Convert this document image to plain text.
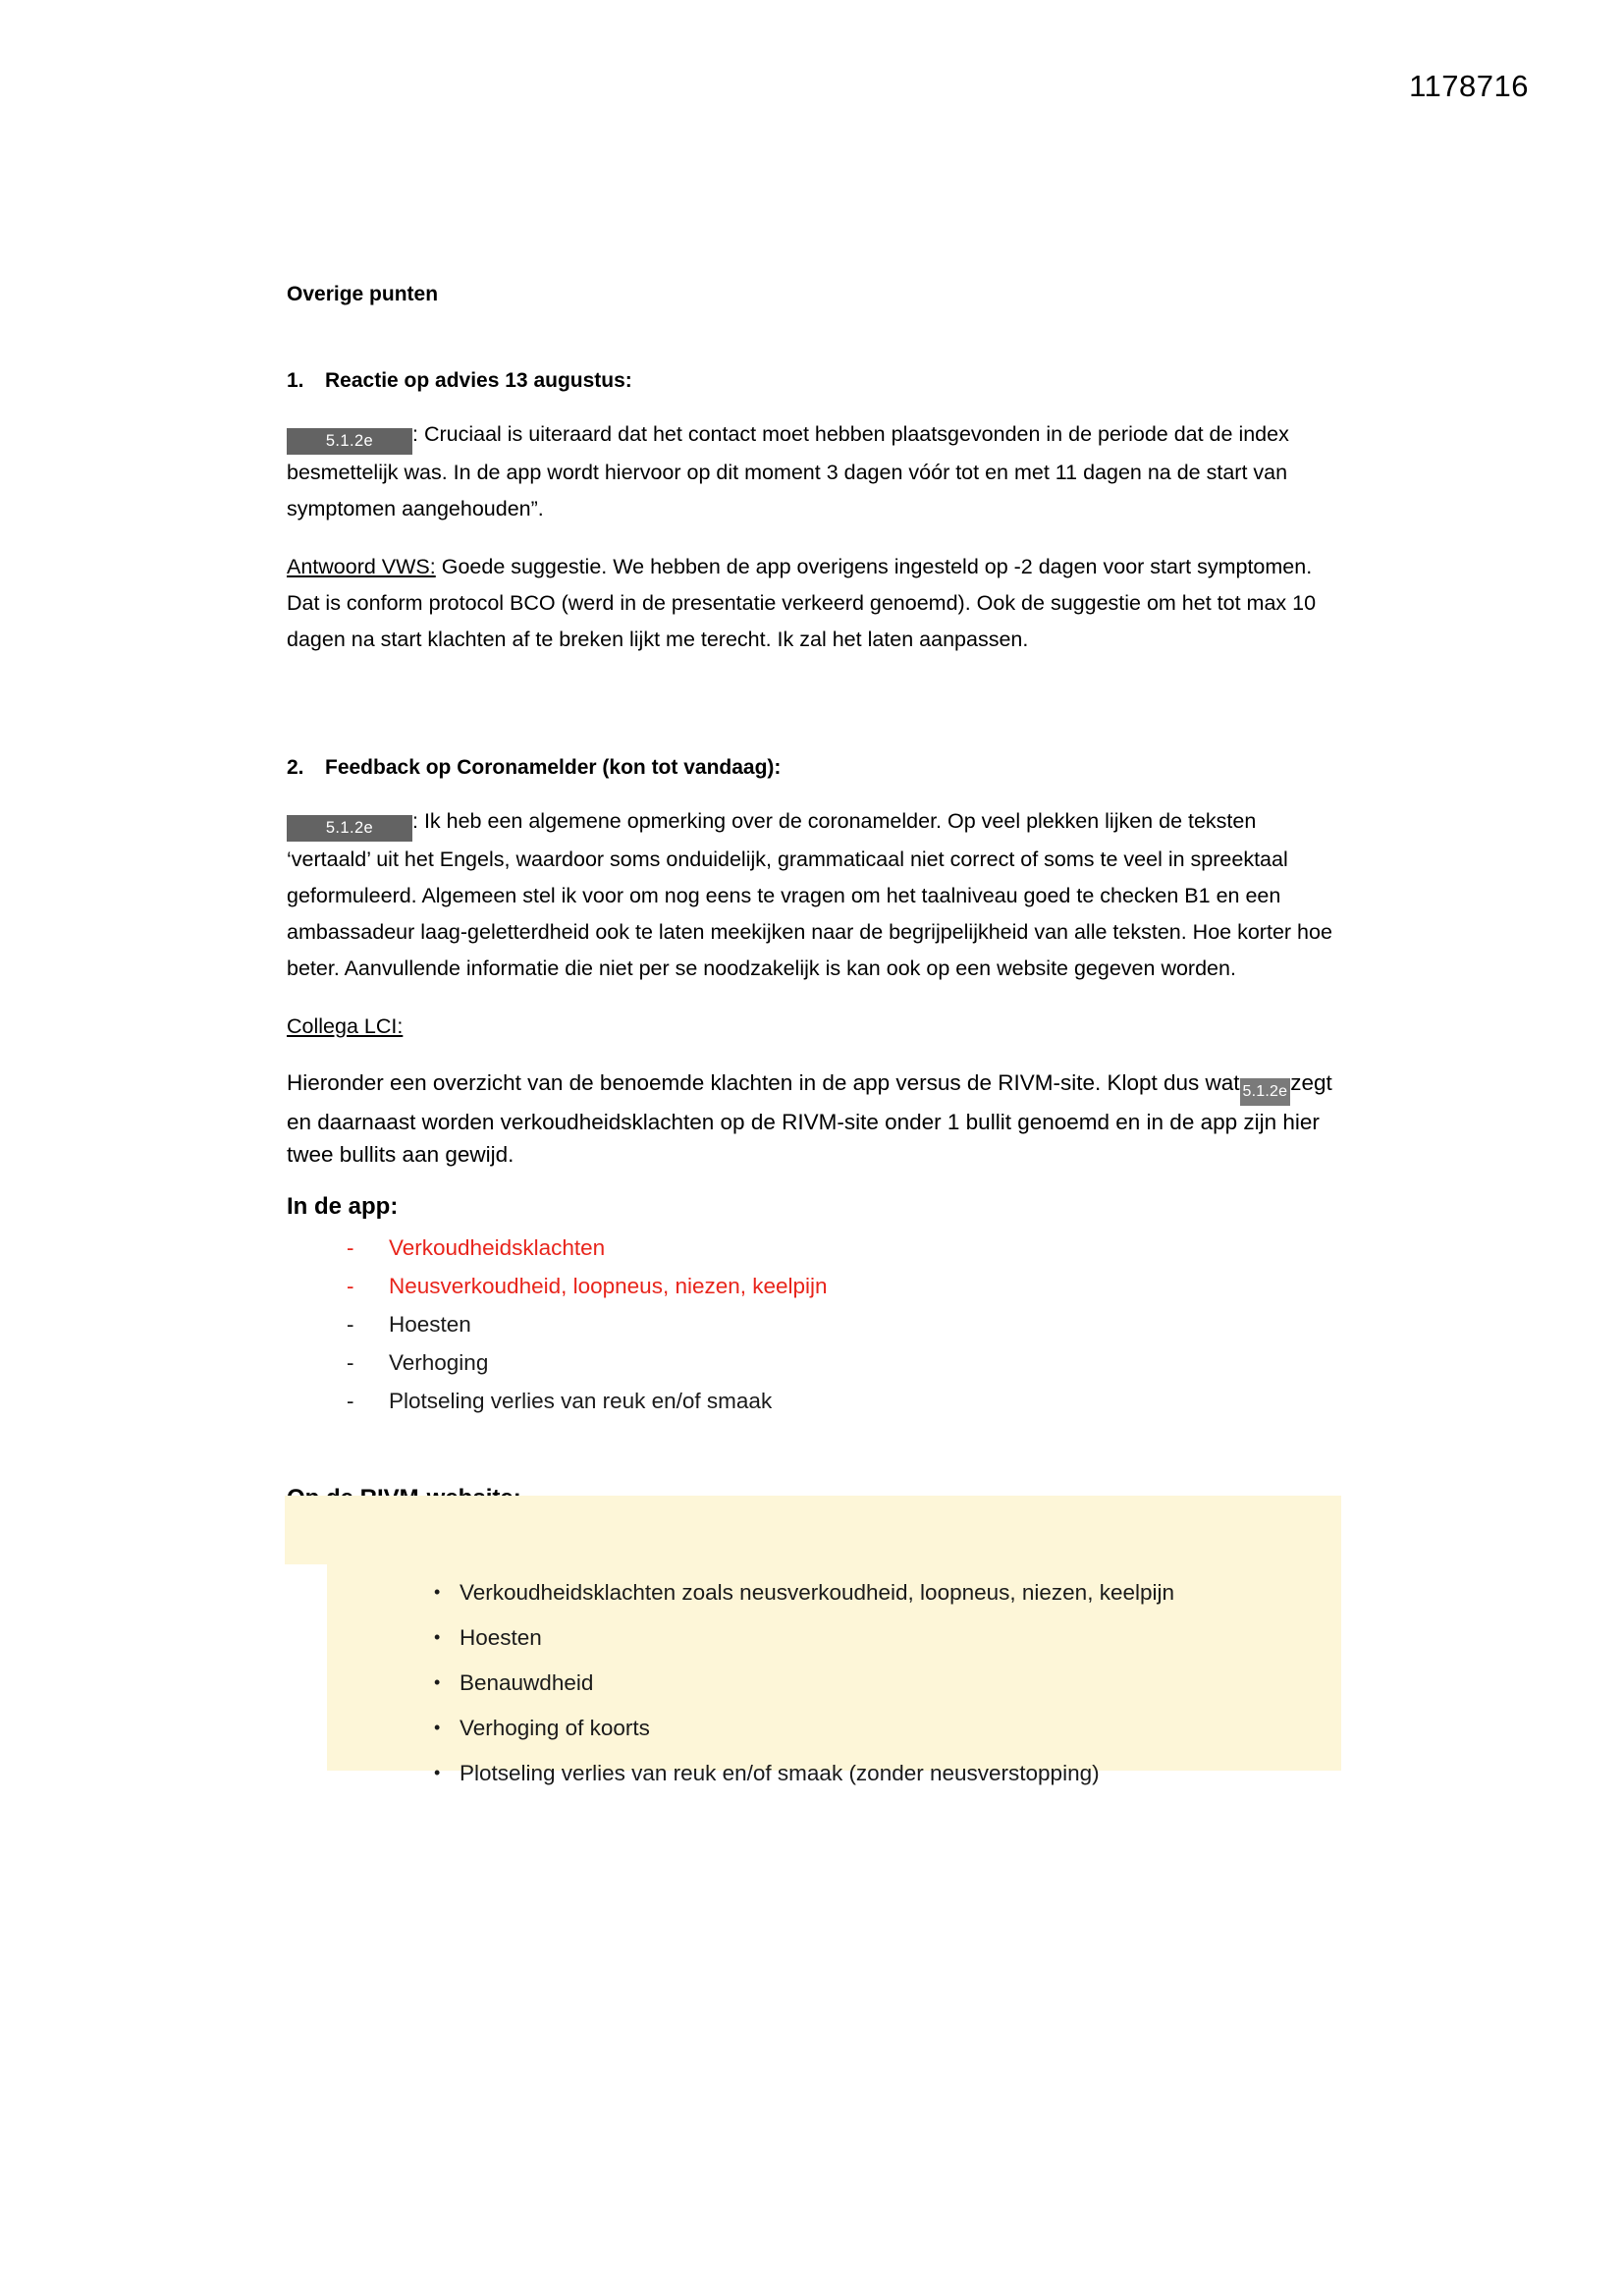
1178716
Overige punten
1. Reactie op advies 13 augustus:

5.1.2e : Cruciaal is uiteraard dat het contact moet hebben plaatsgevonden in de periode dat de index besmettelijk was. In de app wordt hiervoor op dit moment 3 dagen vóór tot en met 11 dagen na de start van symptomen aangehouden”.

Antwoord VWS: Goede suggestie. We hebben de app overigens ingesteld op -2 dagen voor start symptomen. Dat is conform protocol BCO (werd in de presentatie verkeerd genoemd). Ook de suggestie om het tot max 10 dagen na start klachten af te breken lijkt me terecht. Ik zal het laten aanpassen.

2. Feedback op Coronamelder (kon tot vandaag):

5.1.2e : Ik heb een algemene opmerking over de coronamelder. Op veel plekken lijken de teksten ‘vertaald’ uit het Engels, waardoor soms onduidelijk, grammaticaal niet correct of soms te veel in spreektaal geformuleerd. Algemeen stel ik voor om nog eens te vragen om het taalniveau goed te checken B1 en een ambassadeur laag-geletterdheid ook te laten meekijken naar de begrijpelijkheid van alle teksten. Hoe korter hoe beter. Aanvullende informatie die niet per se noodzakelijk is kan ook op een website gegeven worden.

Collega LCI:

Hieronder een overzicht van de benoemde klachten in de app versus de RIVM-site. Klopt dus wat 5.1.2e zegt en daarnaast worden verkoudheidsklachten op de RIVM-site onder 1 bullit genoemd en in de app zijn hier twee bullits aan gewijd.

In de app:
- Verkoudheidsklachten
- Neusverkoudheid, loopneus, niezen, keelpijn
- Hoesten
- Verhoging
- Plotseling verlies van reuk en/of smaak
• Verkoudheidsklachten zoals neusverkoudheid, loopneus, niezen, keelpijn
• Hoesten
• Benauwdheid
• Verhoging of koorts
• Plotseling verlies van reuk en/of smaak (zonder neusverstopping)
